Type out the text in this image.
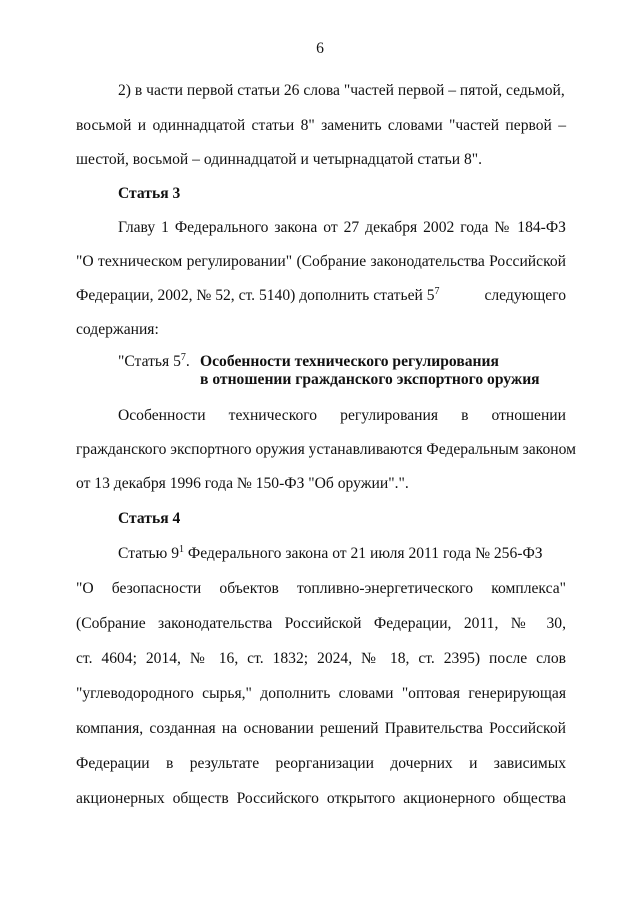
6
2) в части первой статьи 26 слова "частей первой – пятой, седьмой,
восьмой и одиннадцатой статьи 8" заменить словами "частей первой –
шестой, восьмой – одиннадцатой и четырнадцатой статьи 8".
Статья 3
Главу 1 Федерального закона от 27 декабря 2002 года № 184-ФЗ
"О техническом регулировании" (Собрание законодательства Российской
Федерации, 2002, № 52, ст. 5140) дополнить статьей $5^7$	следующего
содержания:
"Статья $5^7$. Особенности технического регулирования
в отношении гражданского экспортного оружия
Особенности технического регулирования в отношении
гражданского экспортного оружия устанавливаются Федеральным законом
от 13 декабря 1996 года № 150-ФЗ "Об оружии".".
Статья 4
Статью $9^1$ Федерального закона от 21 июля 2011 года № 256-ФЗ
"О безопасности объектов топливно-энергетического комплекса"
(Собрание законодательства Российской Федерации, 2011, № 30,
ст. 4604; 2014, № 16, ст. 1832; 2024, № 18, ст. 2395) после слов
"углеводородного сырья," дополнить словами "оптовая генерирующая
компания, созданная на основании решений Правительства Российской
Федерации в результате реорганизации дочерних и зависимых
акционерных обществ Российского открытого акционерного общества
